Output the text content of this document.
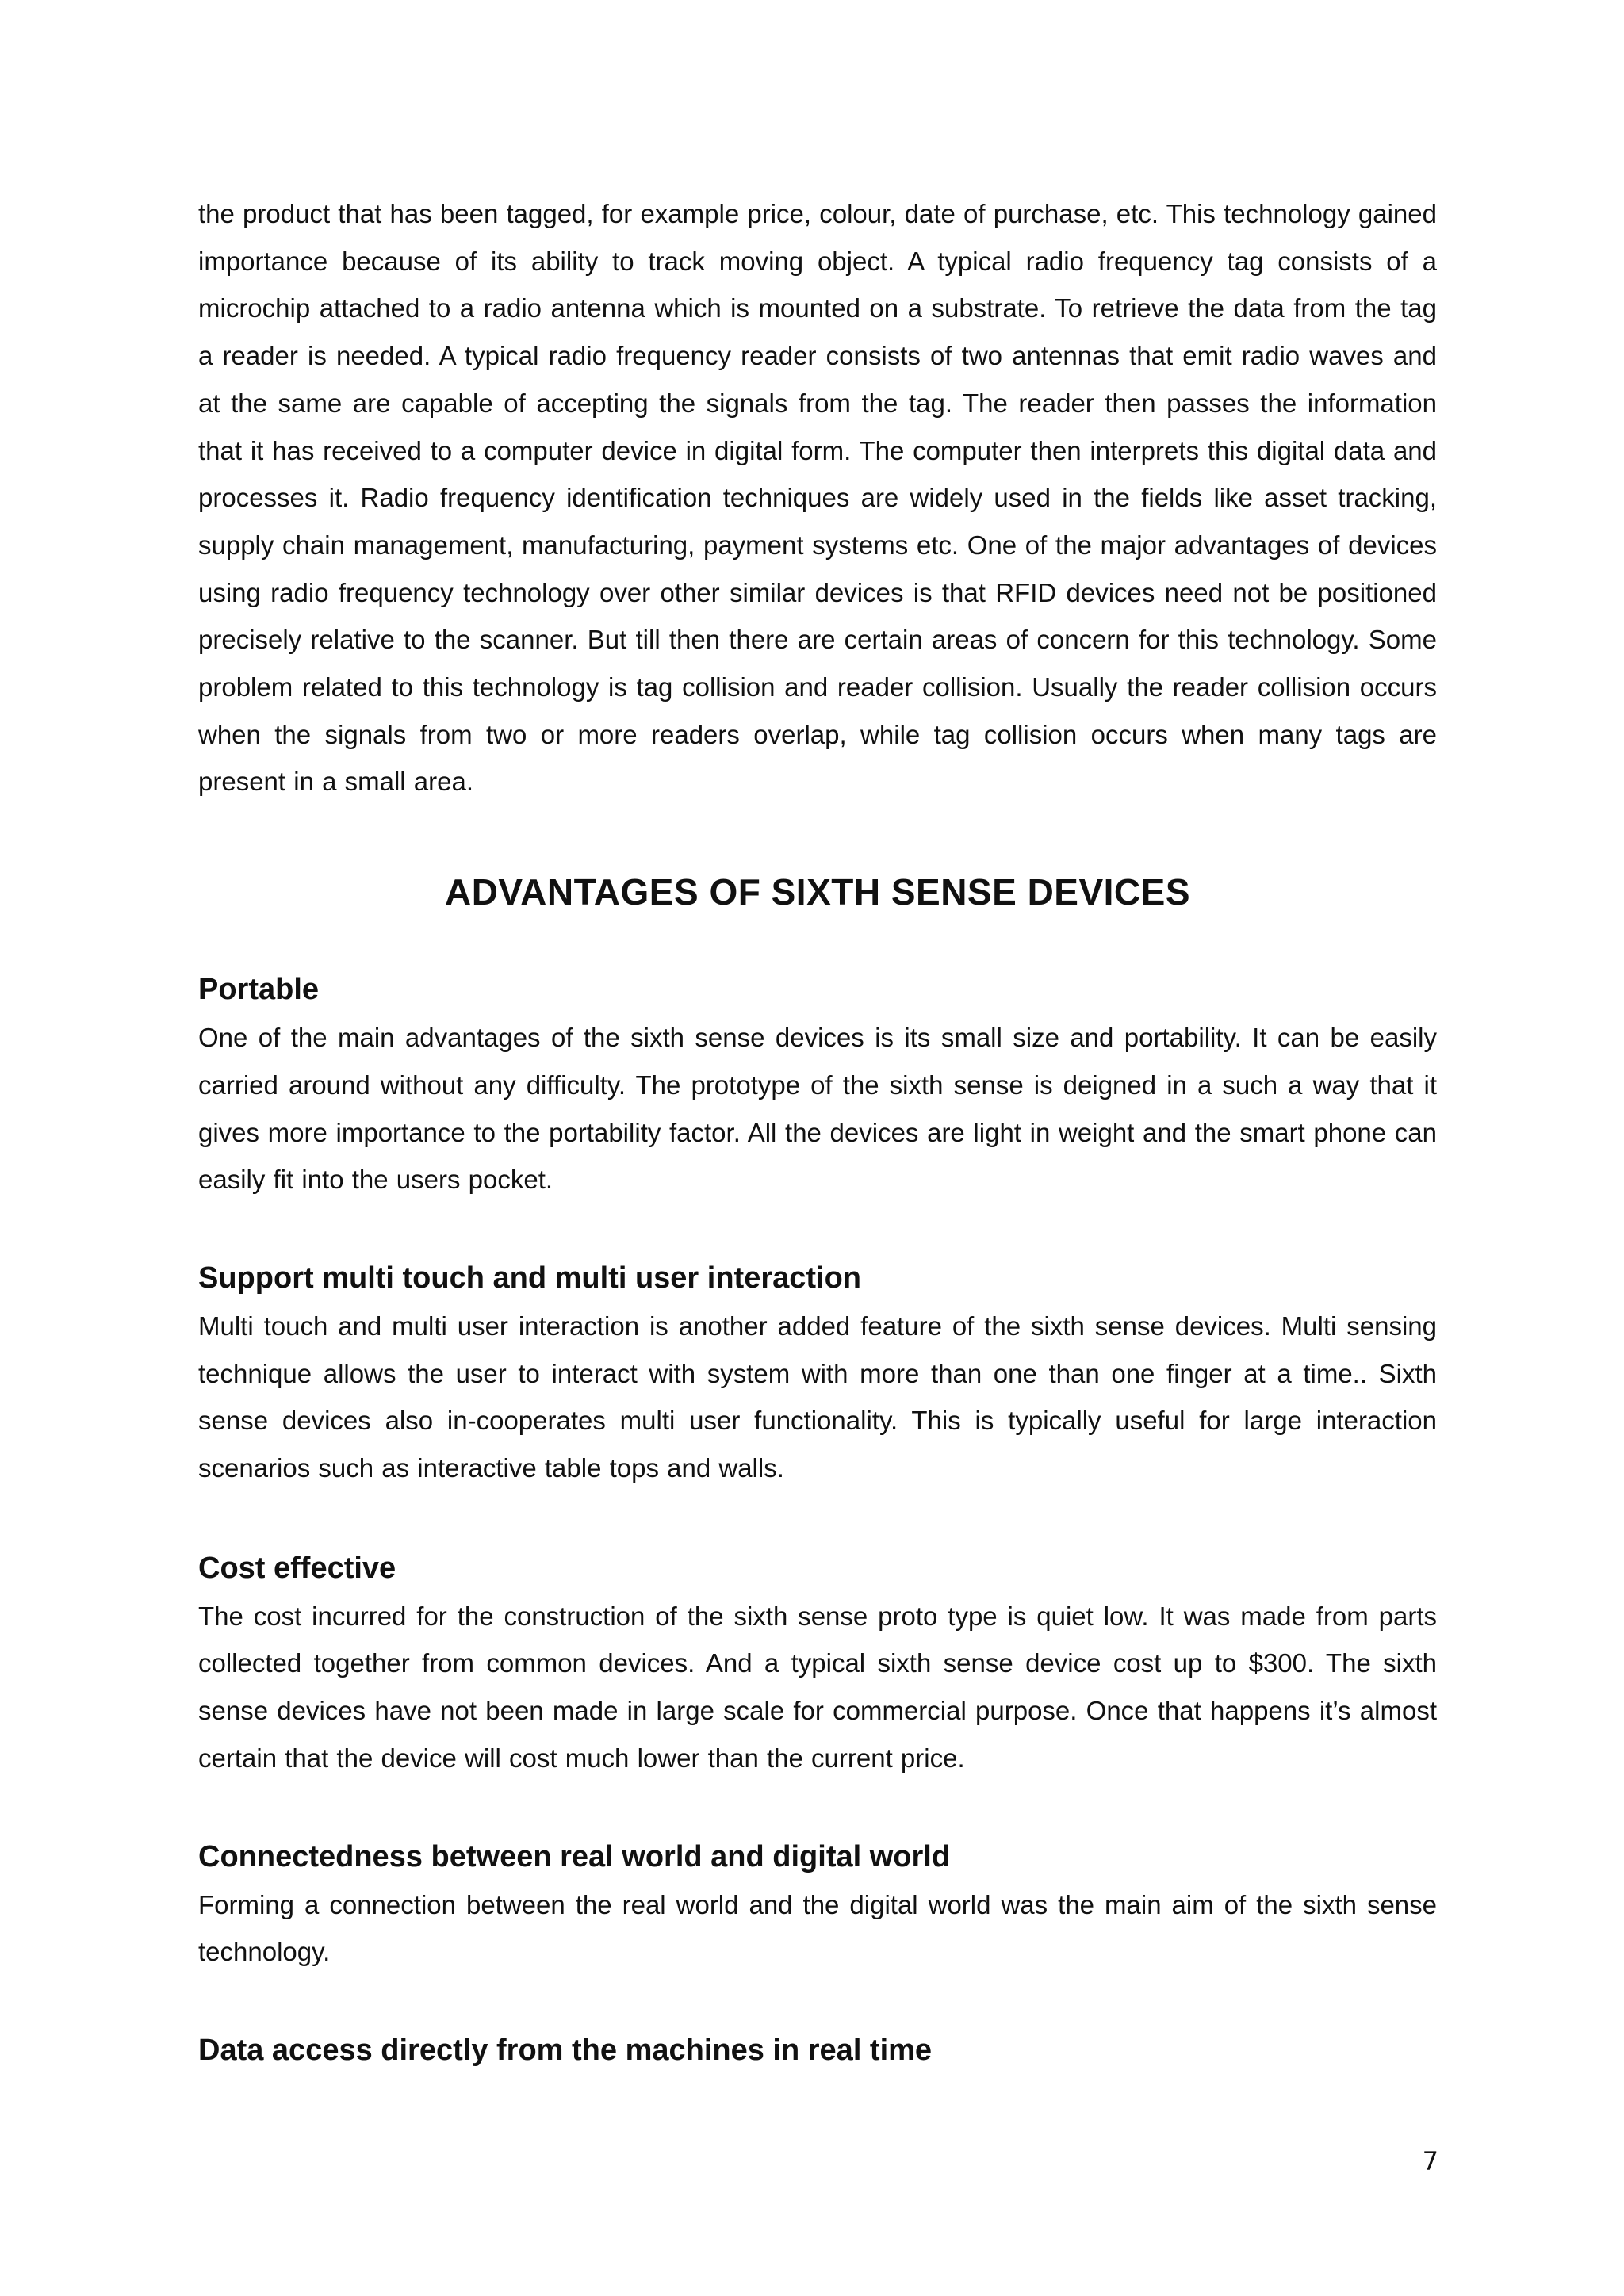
the product that has been tagged, for example price, colour, date of purchase, etc. This technology gained importance because of its ability to track moving object. A typical radio frequency tag consists of a microchip attached to a radio antenna which is mounted on a substrate. To retrieve the data from the tag a reader is needed. A typical radio frequency reader consists of two antennas that emit radio waves and at the same are capable of accepting the signals from the tag. The reader then passes the information that it has received to a computer device in digital form. The computer then interprets this digital data and processes it. Radio frequency identification techniques are widely used in the fields like asset tracking, supply chain management, manufacturing, payment systems etc. One of the major advantages of devices using radio frequency technology over other similar devices is that RFID devices need not be positioned precisely relative to the scanner. But till then there are certain areas of concern for this technology. Some problem related to this technology is tag collision and reader collision. Usually the reader collision occurs when the signals from two or more readers overlap, while tag collision occurs when many tags are present in a small area.

ADVANTAGES OF SIXTH SENSE DEVICES
Portable

One of the main advantages of the sixth sense devices is its small size and portability. It can be easily carried around without any difficulty. The prototype of the sixth sense is deigned in a such a way that it gives more importance to the portability factor. All the devices are light in weight and the smart phone can easily fit into the users pocket.

Support multi touch and multi user interaction

Multi touch and multi user interaction is another added feature of the sixth sense devices. Multi sensing technique allows the user to interact with system with more than one than one finger at a time.. Sixth sense devices also in-cooperates multi user functionality. This is typically useful for large interaction scenarios such as interactive table tops and walls.

Cost effective

The cost incurred for the construction of the sixth sense proto type is quiet low. It was made from parts collected together from common devices. And a typical sixth sense device cost up to $300. The sixth sense devices have not been made in large scale for commercial purpose. Once that happens it’s almost certain that the device will cost much lower than the current price.

Connectedness between real world and digital world

Forming a connection between the real world and the digital world was the main aim of the sixth sense technology.

Data access directly from the machines in real time
7
